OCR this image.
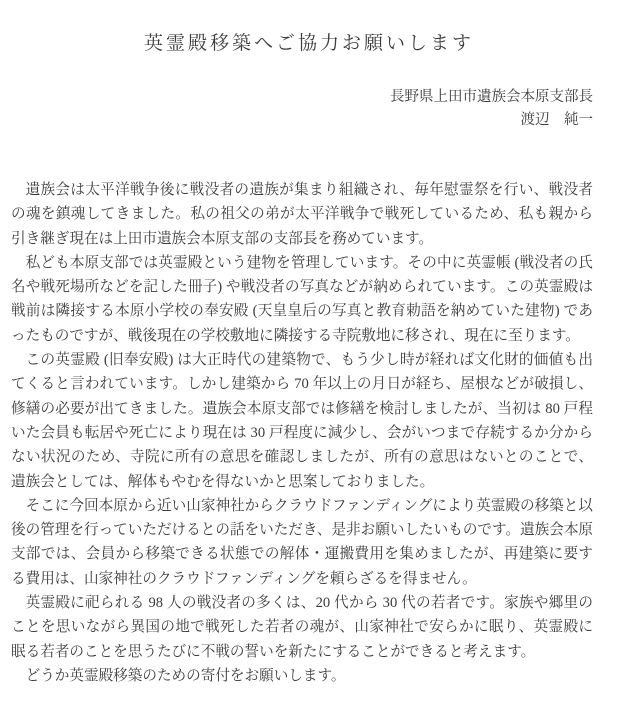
英霊殿移築へご協力お願いします
長野県上田市遺族会本原支部長
渡辺　純一

遺族会は太平洋戦争後に戦没者の遺族が集まり組織され、毎年慰霊祭を行い、戦没者の魂を鎮魂してきました。私の祖父の弟が太平洋戦争で戦死しているため、私も親から引き継ぎ現在は上田市遺族会本原支部の支部長を務めています。

私ども本原支部では英霊殿という建物を管理しています。その中に英霊帳 (戦没者の氏名や戦死場所などを記した冊子) や戦没者の写真などが納められています。この英霊殿は戦前は隣接する本原小学校の奉安殿 (天皇皇后の写真と教育勅語を納めていた建物) であったものですが、戦後現在の学校敷地に隣接する寺院敷地に移され、現在に至ります。

この英霊殿 (旧奉安殿) は大正時代の建築物で、もう少し時が経れば文化財的価値も出てくると言われています。しかし建築から 70 年以上の月日が経ち、屋根などが破損し、修繕の必要が出てきました。遺族会本原支部では修繕を検討しましたが、当初は 80 戸程いた会員も転居や死亡により現在は 30 戸程度に減少し、会がいつまで存続するか分からない状況のため、寺院に所有の意思を確認しましたが、所有の意思はないとのことで、遺族会としては、解体もやむを得ないかと思案しておりました。

そこに今回本原から近い山家神社からクラウドファンディングにより英霊殿の移築と以後の管理を行っていただけるとの話をいただき、是非お願いしたいものです。遺族会本原支部では、会員から移築できる状態での解体・運搬費用を集めましたが、再建築に要する費用は、山家神社のクラウドファンディングを頼らざるを得ません。

英霊殿に祀られる 98 人の戦没者の多くは、20 代から 30 代の若者です。家族や郷里のことを思いながら異国の地で戦死した若者の魂が、山家神社で安らかに眠り、英霊殿に眠る若者のことを思うたびに不戦の誓いを新たにすることができると考えます。

どうか英霊殿移築のための寄付をお願いします。
